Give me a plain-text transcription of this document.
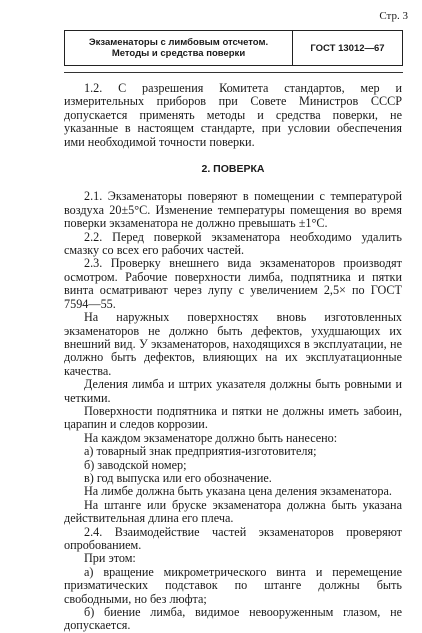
Стр. 3
Экзаменаторы с лимбовым отсчетом. Методы и средства поверки	ГОСТ 13012—67

1.2. С разрешения Комитета стандартов, мер и измерительных приборов при Совете Министров СССР допускается применять методы и средства поверки, не указанные в настоящем стандарте, при условии обеспечения ими необходимой точности поверки.

2. ПОВЕРКА

2.1. Экзаменаторы поверяют в помещении с температурой воздуха 20±5°C. Изменение температуры помещения во время поверки экзаменатора не должно превышать ±1°C.

2.2. Перед поверкой экзаменатора необходимо удалить смазку со всех его рабочих частей.

2.3. Проверку внешнего вида экзаменаторов производят осмотром. Рабочие поверхности лимба, подпятника и пятки винта осматривают через лупу с увеличением 2,5× по ГОСТ 7594—55.

На наружных поверхностях вновь изготовленных экзаменаторов не должно быть дефектов, ухудшающих их внешний вид. У экзаменаторов, находящихся в эксплуатации, не должно быть дефектов, влияющих на их эксплуатационные качества.

Деления лимба и штрих указателя должны быть ровными и четкими.

Поверхности подпятника и пятки не должны иметь забоин, царапин и следов коррозии.

На каждом экзаменаторе должно быть нанесено:

а) товарный знак предприятия-изготовителя;

б) заводской номер;

в) год выпуска или его обозначение.

На лимбе должна быть указана цена деления экзаменатора.

На штанге или бруске экзаменатора должна быть указана действительная длина его плеча.

2.4. Взаимодействие частей экзаменаторов проверяют опробованием.

При этом:

а) вращение микрометрического винта и перемещение призматических подставок по штанге должны быть свободными, но без люфта;

б) биение лимба, видимое невооруженным глазом, не допускается.
